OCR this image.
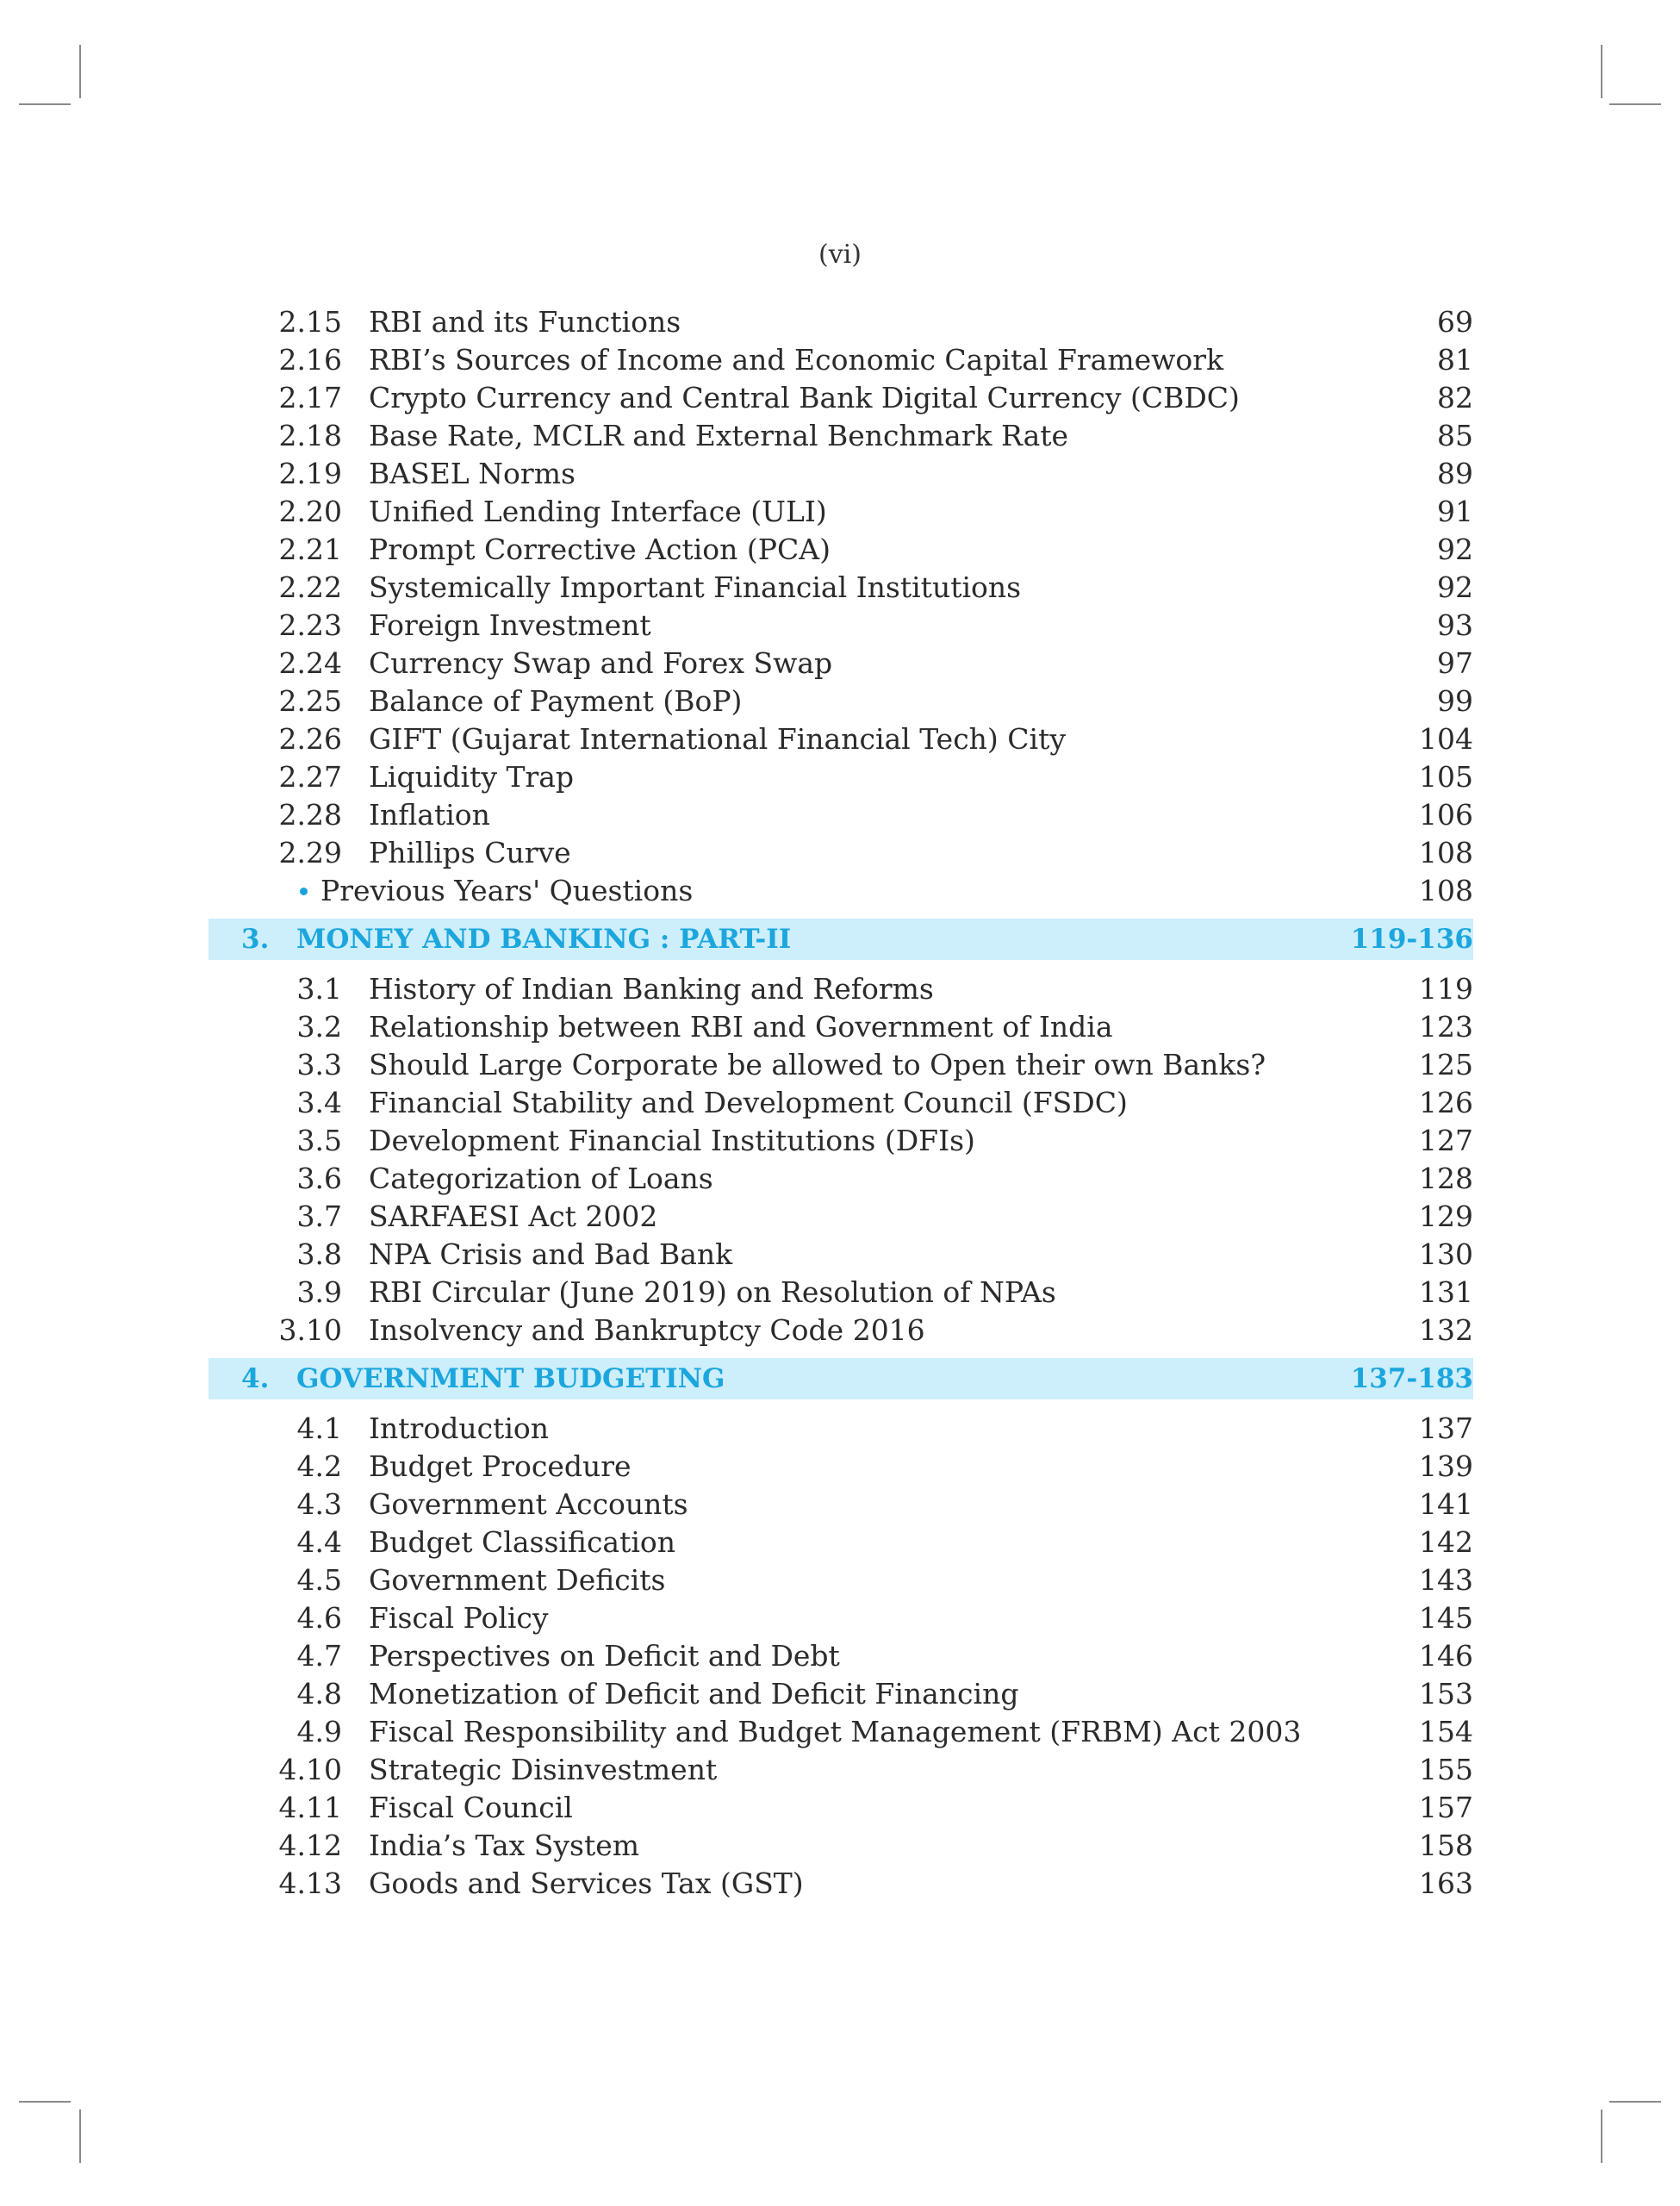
(vi)
2.15 RBI and its Functions	69
2.16 RBI’s Sources of Income and Economic Capital Framework	81
2.17 Crypto Currency and Central Bank Digital Currency (CBDC)	82
2.18 Base Rate, MCLR and External Benchmark Rate	85
2.19 BASEL Norms	89
2.20 Unified Lending Interface (ULI)	91
2.21 Prompt Corrective Action (PCA)	92
2.22 Systemically Important Financial Institutions	92
2.23 Foreign Investment	93
2.24 Currency Swap and Forex Swap	97
2.25 Balance of Payment (BoP)	99
2.26 GIFT (Gujarat International Financial Tech) City	104
2.27 Liquidity Trap	105
2.28 Inflation	106
2.29 Phillips Curve	108
Previous Years' Questions	108
3. MONEY AND BANKING : PART-II	119-136
3.1 History of Indian Banking and Reforms	119
3.2 Relationship between RBI and Government of India	123
3.3 Should Large Corporate be allowed to Open their own Banks?	125
3.4 Financial Stability and Development Council (FSDC)	126
3.5 Development Financial Institutions (DFIs)	127
3.6 Categorization of Loans	128
3.7 SARFAESI Act 2002	129
3.8 NPA Crisis and Bad Bank	130
3.9 RBI Circular (June 2019) on Resolution of NPAs	131
3.10 Insolvency and Bankruptcy Code 2016	132
4. GOVERNMENT BUDGETING	137-183
4.1 Introduction	137
4.2 Budget Procedure	139
4.3 Government Accounts	141
4.4 Budget Classification	142
4.5 Government Deficits	143
4.6 Fiscal Policy	145
4.7 Perspectives on Deficit and Debt	146
4.8 Monetization of Deficit and Deficit Financing	153
4.9 Fiscal Responsibility and Budget Management (FRBM) Act 2003	154
4.10 Strategic Disinvestment	155
4.11 Fiscal Council	157
4.12 India’s Tax System	158
4.13 Goods and Services Tax (GST)	163
